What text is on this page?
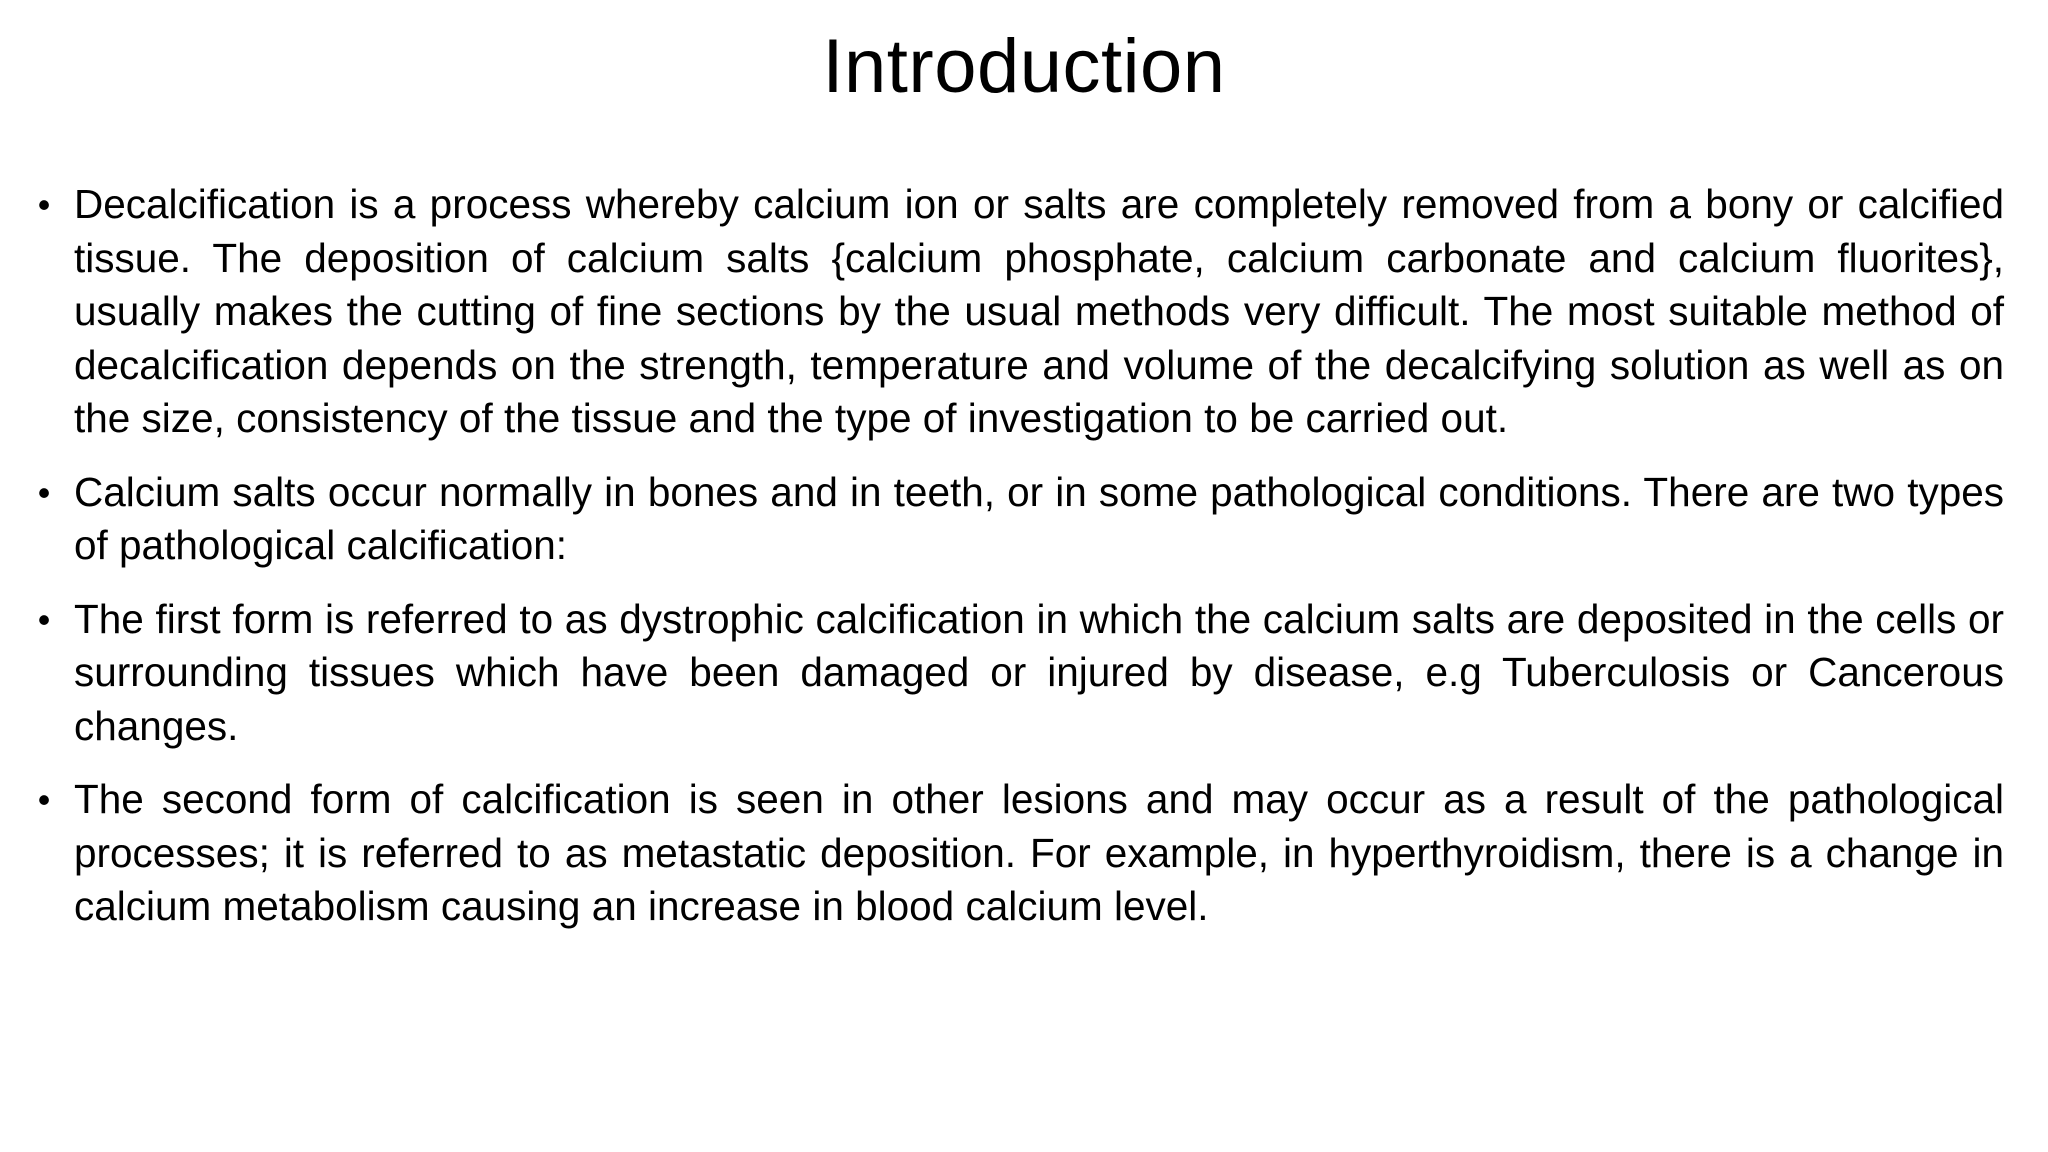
Introduction
• Decalcification is a process whereby calcium ion or salts are completely removed from a bony or calcified tissue. The deposition of calcium salts {calcium phosphate, calcium carbonate and calcium fluorites}, usually makes the cutting of fine sections by the usual methods very difficult. The most suitable method of decalcification depends on the strength, temperature and volume of the decalcifying solution as well as on the size, consistency of the tissue and the type of investigation to be carried out.
• Calcium salts occur normally in bones and in teeth, or in some pathological conditions. There are two types of pathological calcification:
• The first form is referred to as dystrophic calcification in which the calcium salts are deposited in the cells or surrounding tissues which have been damaged or injured by disease, e.g Tuberculosis or Cancerous changes.
• The second form of calcification is seen in other lesions and may occur as a result of the pathological processes; it is referred to as metastatic deposition. For example, in hyperthyroidism, there is a change in calcium metabolism causing an increase in blood calcium level.
